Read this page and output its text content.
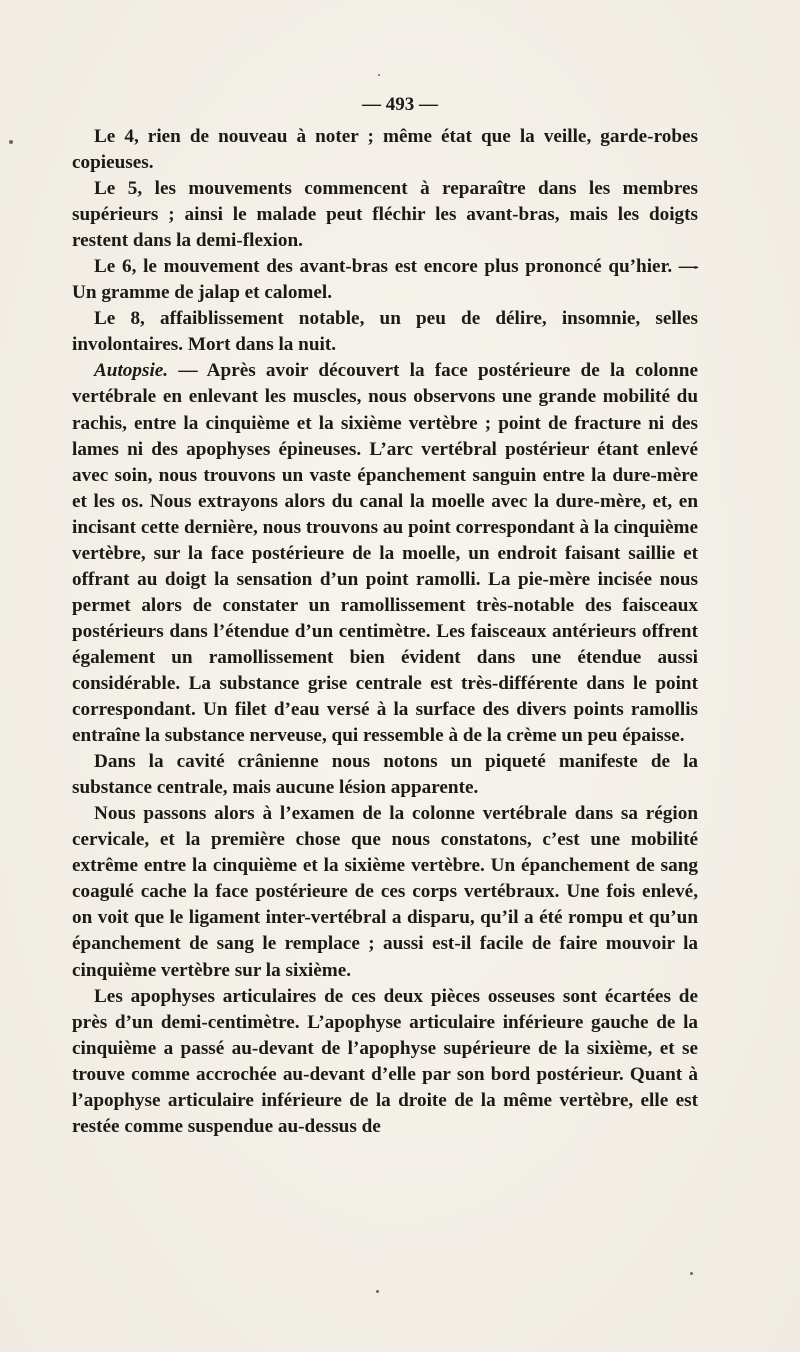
— 493 —

Le 4, rien de nouveau à noter ; même état que la veille, garde-robes copieuses.

Le 5, les mouvements commencent à reparaître dans les membres supérieurs ; ainsi le malade peut fléchir les avant-bras, mais les doigts restent dans la demi-flexion.

Le 6, le mouvement des avant-bras est encore plus prononcé qu’hier. — Un gramme de jalap et calomel.

Le 8, affaiblissement notable, un peu de délire, insomnie, selles involontaires. Mort dans la nuit.

Autopsie. — Après avoir découvert la face postérieure de la colonne vertébrale en enlevant les muscles, nous observons une grande mobilité du rachis, entre la cinquième et la sixième vertèbre ; point de fracture ni des lames ni des apophyses épineuses. L’arc vertébral postérieur étant enlevé avec soin, nous trouvons un vaste épanchement sanguin entre la dure-mère et les os. Nous extrayons alors du canal la moelle avec la dure-mère, et, en incisant cette dernière, nous trouvons au point correspondant à la cinquième vertèbre, sur la face postérieure de la moelle, un endroit faisant saillie et offrant au doigt la sensation d’un point ramolli. La pie-mère incisée nous permet alors de constater un ramollissement très-notable des faisceaux postérieurs dans l’étendue d’un centimètre. Les faisceaux antérieurs offrent également un ramollissement bien évident dans une étendue aussi considérable. La substance grise centrale est très-différente dans le point correspondant. Un filet d’eau versé à la surface des divers points ramollis entraîne la substance nerveuse, qui ressemble à de la crème un peu épaisse.

Dans la cavité crânienne nous notons un piqueté manifeste de la substance centrale, mais aucune lésion apparente.

Nous passons alors à l’examen de la colonne vertébrale dans sa région cervicale, et la première chose que nous constatons, c’est une mobilité extrême entre la cinquième et la sixième vertèbre. Un épanchement de sang coagulé cache la face postérieure de ces corps vertébraux. Une fois enlevé, on voit que le ligament inter-vertébral a disparu, qu’il a été rompu et qu’un épanchement de sang le remplace ; aussi est-il facile de faire mouvoir la cinquième vertèbre sur la sixième.

Les apophyses articulaires de ces deux pièces osseuses sont écartées de près d’un demi-centimètre. L’apophyse articulaire inférieure gauche de la cinquième a passé au-devant de l’apophyse supérieure de la sixième, et se trouve comme accrochée au-devant d’elle par son bord postérieur. Quant à l’apophyse articulaire inférieure de la droite de la même vertèbre, elle est restée comme suspendue au-dessus de
